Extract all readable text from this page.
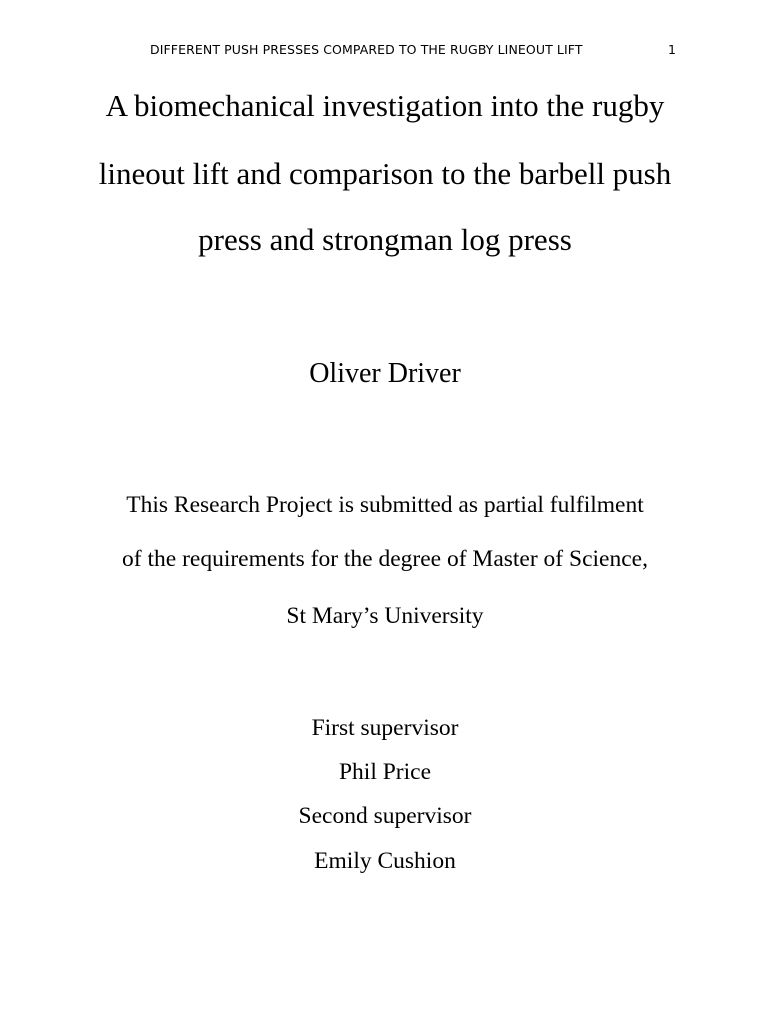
DIFFERENT PUSH PRESSES COMPARED TO THE RUGBY LINEOUT LIFT	1
A biomechanical investigation into the rugby
lineout lift and comparison to the barbell push
press and strongman log press
Oliver Driver
This Research Project is submitted as partial fulfilment
of the requirements for the degree of Master of Science,
St Mary’s University
First supervisor
Phil Price
Second supervisor
Emily Cushion
